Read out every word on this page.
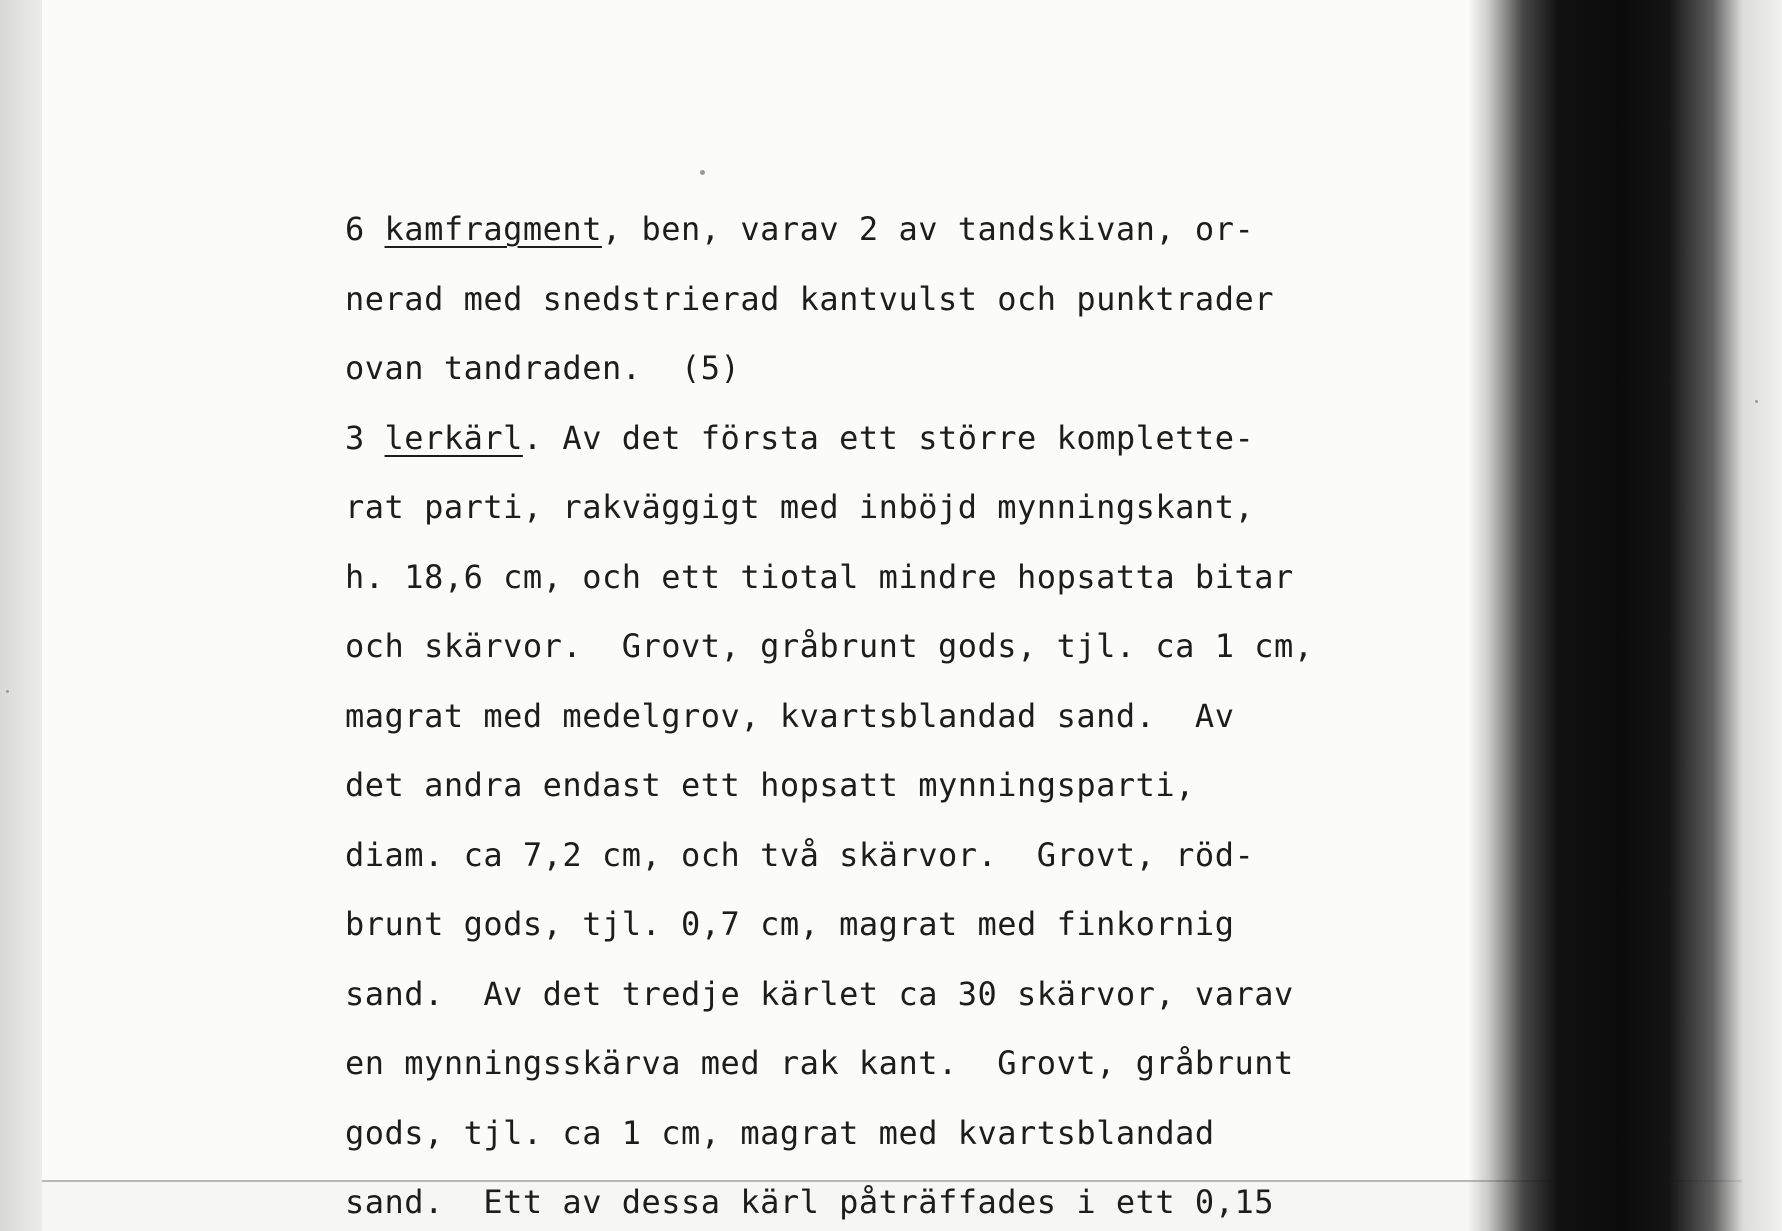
6 kamfragment, ben, varav 2 av tandskivan, or-
nerad med snedstrierad kantvulst och punktrader
ovan tandraden.  (5)
3 lerkärl. Av det första ett större komplette-
rat parti, rakväggigt med inböjd mynningskant,
h. 18,6 cm, och ett tiotal mindre hopsatta bitar
och skärvor.  Grovt, gråbrunt gods, tjl. ca 1 cm,
magrat med medelgrov, kvartsblandad sand.  Av
det andra endast ett hopsatt mynningsparti,
diam. ca 7,2 cm, och två skärvor.  Grovt, röd-
brunt gods, tjl. 0,7 cm, magrat med finkornig
sand.  Av det tredje kärlet ca 30 skärvor, varav
en mynningsskärva med rak kant.  Grovt, gråbrunt
gods, tjl. ca 1 cm, magrat med kvartsblandad
sand.  Ett av dessa kärl påträffades i ett 0,15
